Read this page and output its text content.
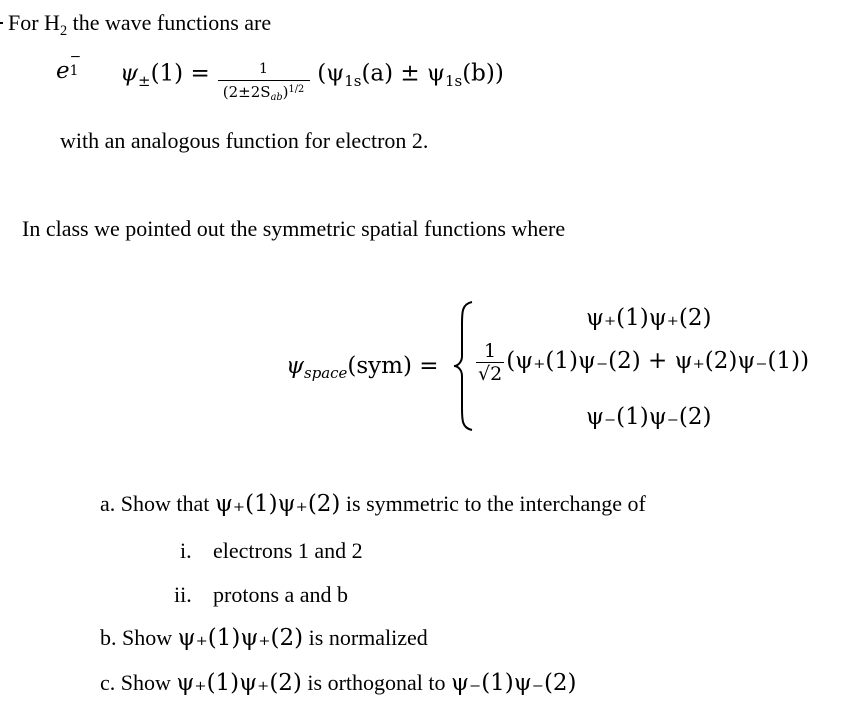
For $H_2$ the wave functions are
e
−
1 $\psi_\pm(1) = \frac{1}{(2\pm 2S_{ab})^{1/2}} (\psi_{1s}(a) \pm \psi_{1s}(b))$
with an analogous function for electron 2.
In class we pointed out the symmetric spatial functions where
$\psi_{space}(sym)$ =
ψ₊(1)ψ₊(2)
$\frac{1}{√2} (\psi_+(1)\psi_-(2) + \psi_+(2)\psi_-(1))$
ψ₋(1)ψ₋(2)
a. Show that ψ₊(1)ψ₊(2) is symmetric to the interchange of
i. electrons 1 and 2
ii. protons a and b
b. Show ψ₊(1)ψ₊(2) is normalized
c. Show ψ₊(1)ψ₊(2) is orthogonal to ψ₋(1)ψ₋(2)
